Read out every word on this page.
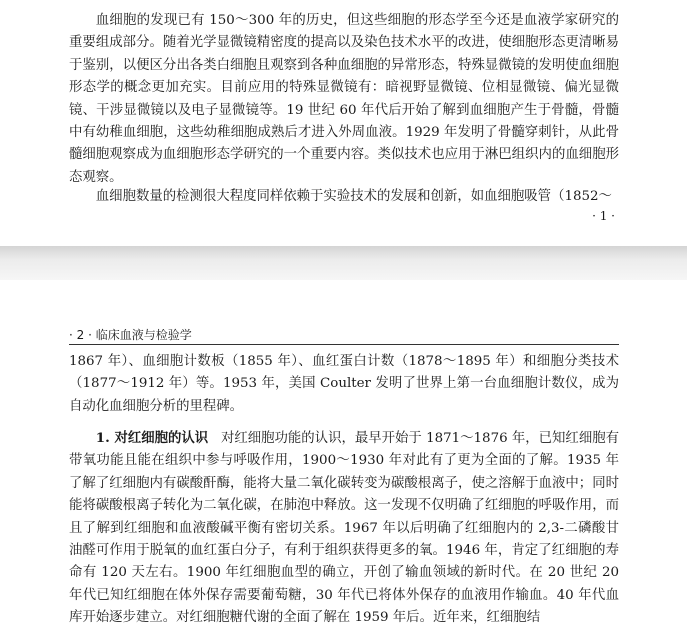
血细胞的发现已有 150～300 年的历史，但这些细胞的形态学至今还是血液学家研究的重要组成部分。随着光学显微镜精密度的提高以及染色技术水平的改进，使细胞形态更清晰易于鉴别，以便区分出各类白细胞且观察到各种血细胞的异常形态，特殊显微镜的发明使血细胞形态学的概念更加充实。目前应用的特殊显微镜有：暗视野显微镜、位相显微镜、偏光显微镜、干涉显微镜以及电子显微镜等。19 世纪 60 年代后开始了解到血细胞产生于骨髓，骨髓中有幼稚血细胞，这些幼稚细胞成熟后才进入外周血液。1929 年发明了骨髓穿刺针，从此骨髓细胞观察成为血细胞形态学研究的一个重要内容。类似技术也应用于淋巴组织内的血细胞形态观察。

血细胞数量的检测很大程度同样依赖于实验技术的发展和创新，如血细胞吸管（1852～

· 1 ·
· 2 · 临床血液与检验学

1867 年）、血细胞计数板（1855 年）、血红蛋白计数（1878～1895 年）和细胞分类技术（1877～1912 年）等。1953 年，美国 Coulter 发明了世界上第一台血细胞计数仪，成为自动化血细胞分析的里程碑。

1. 对红细胞的认识 对红细胞功能的认识，最早开始于 1871～1876 年，已知红细胞有带氧功能且能在组织中参与呼吸作用，1900～1930 年对此有了更为全面的了解。1935 年了解了红细胞内有碳酸酐酶，能将大量二氧化碳转变为碳酸根离子，使之溶解于血液中；同时能将碳酸根离子转化为二氧化碳，在肺泡中释放。这一发现不仅明确了红细胞的呼吸作用，而且了解到红细胞和血液酸碱平衡有密切关系。1967 年以后明确了红细胞内的 2,3-二磷酸甘油醛可作用于脱氧的血红蛋白分子，有利于组织获得更多的氧。1946 年，肯定了红细胞的寿命有 120 天左右。1900 年红细胞血型的确立，开创了输血领域的新时代。在 20 世纪 20 年代已知红细胞在体外保存需要葡萄糖，30 年代已将体外保存的血液用作输血。40 年代血库开始逐步建立。对红细胞糖代谢的全面了解在 1959 年后。近年来，红细胞结
